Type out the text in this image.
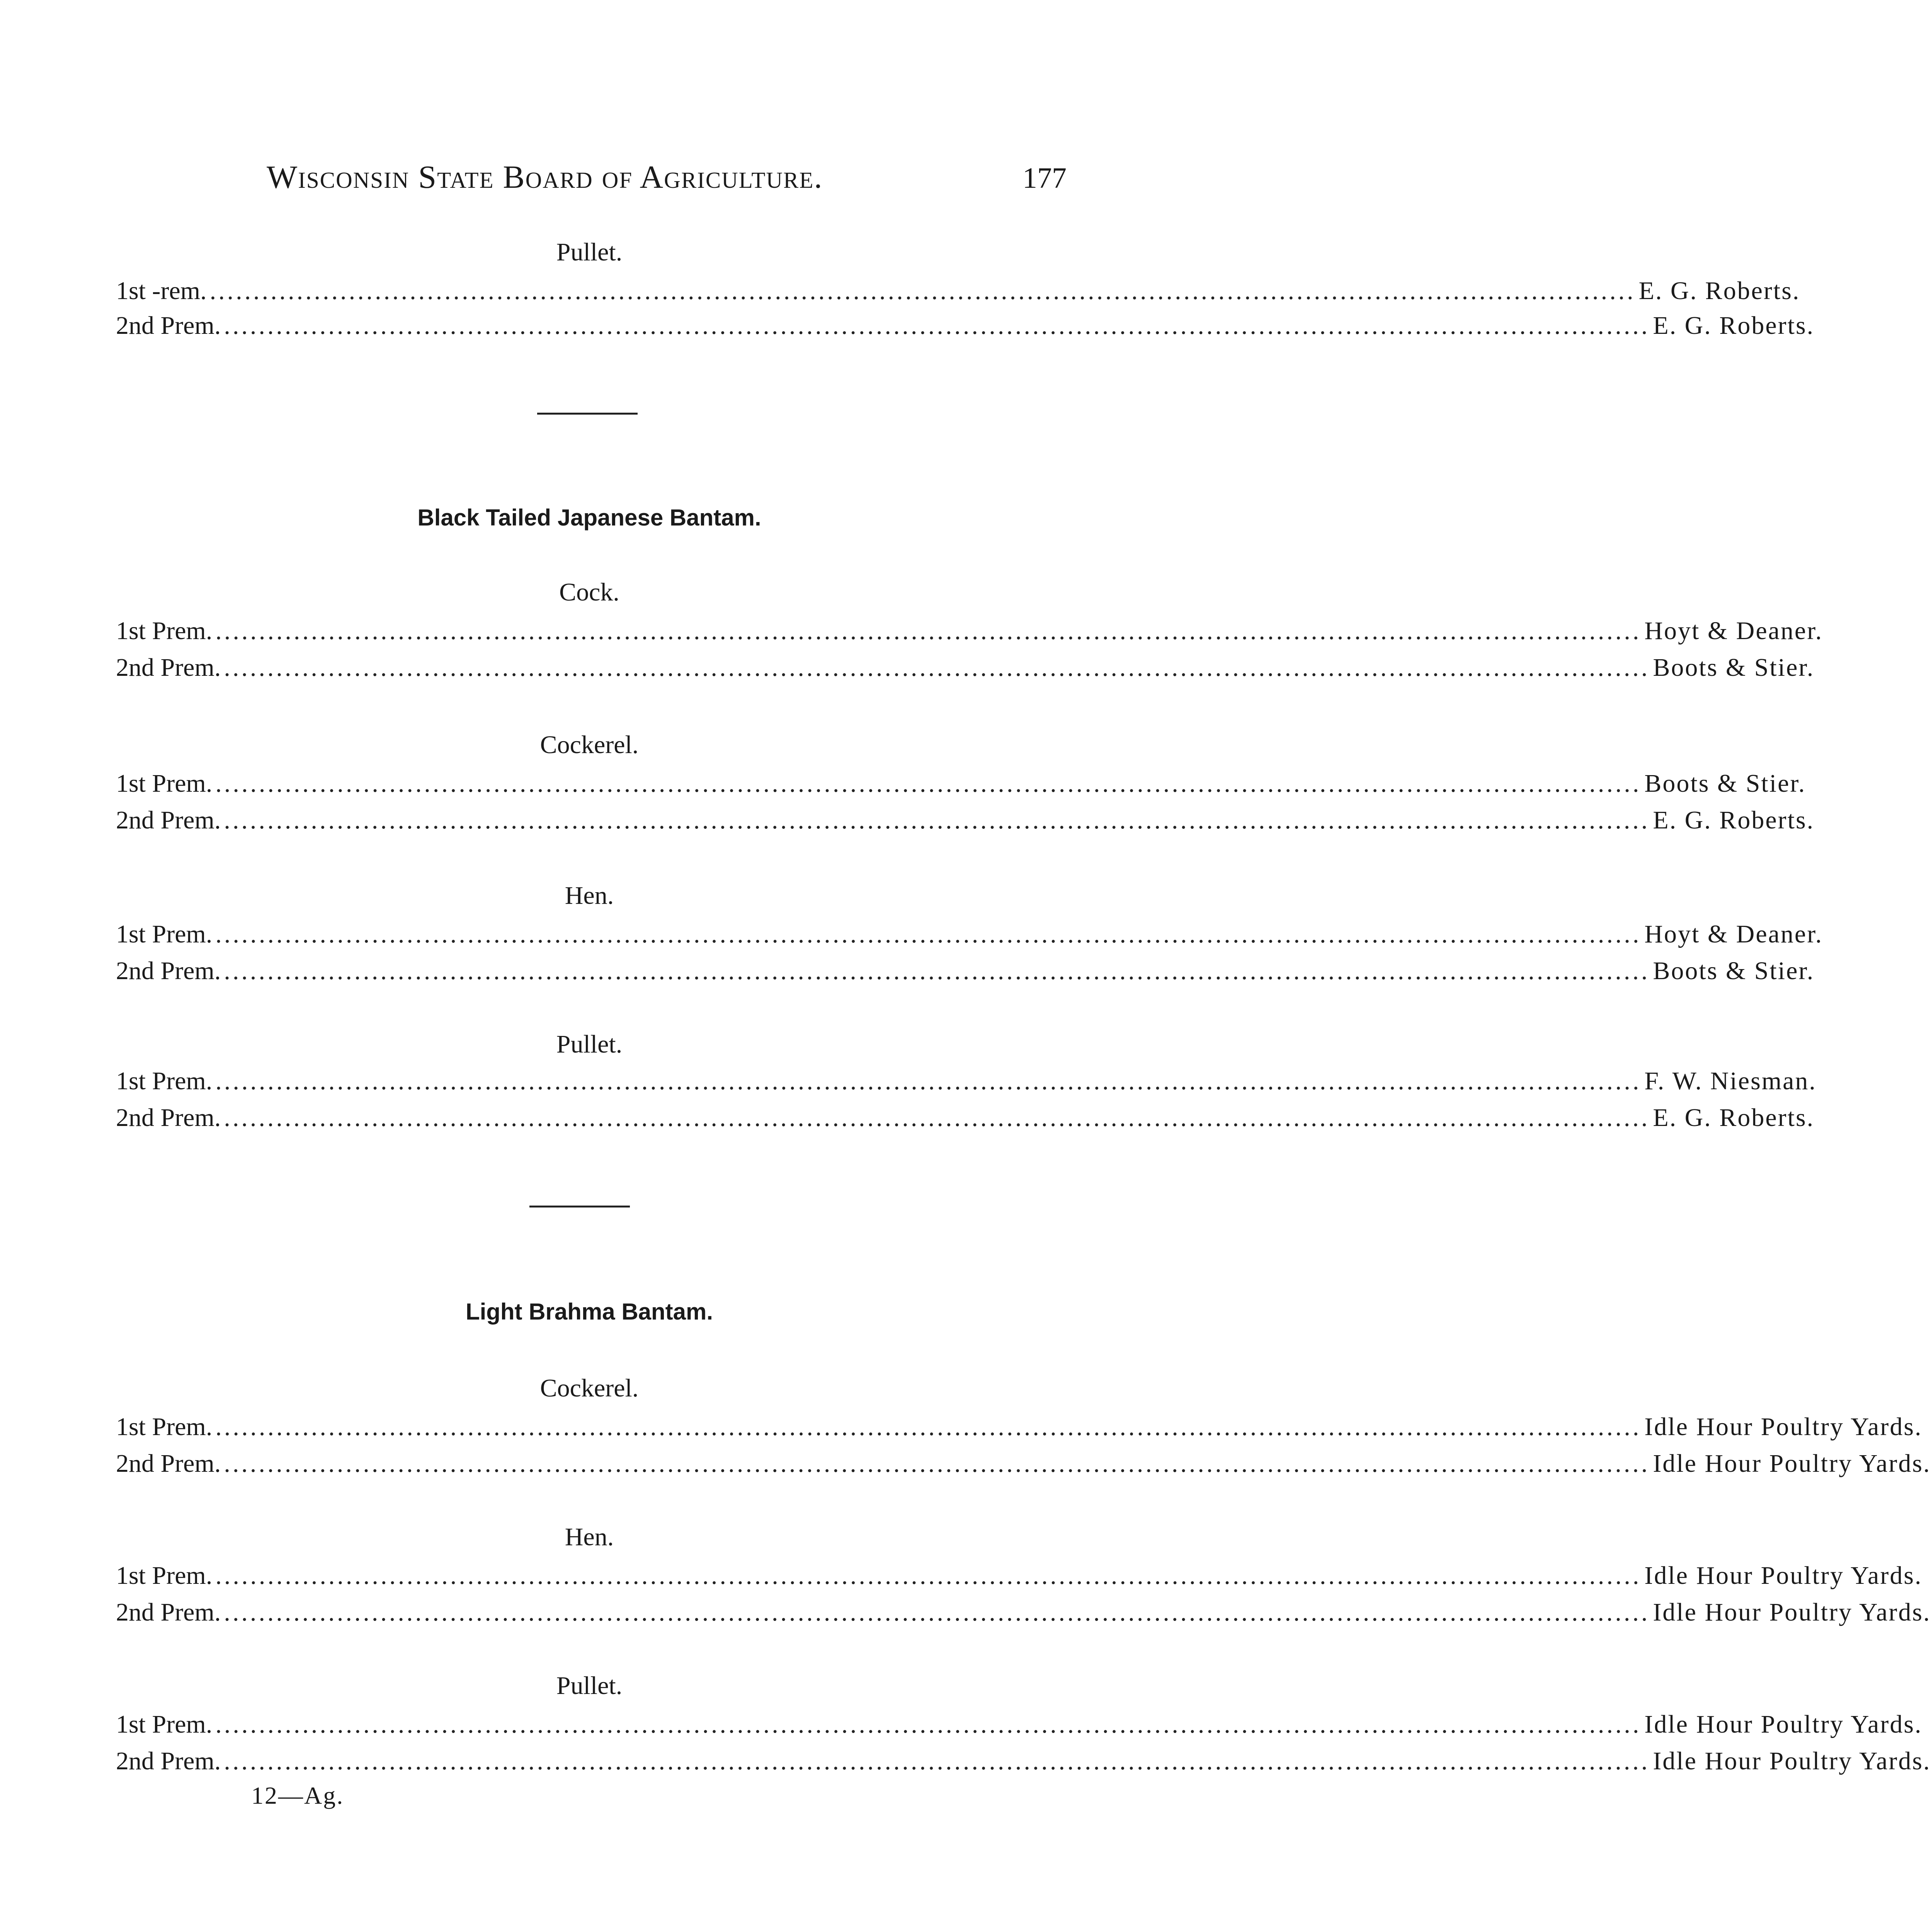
Wisconsin State Board of Agriculture.	177
Pullet.
1st -rem. .................................................................................................................................................................... E. G. Roberts.
2nd Prem. .................................................................................................................................................................... E. G. Roberts.
Black Tailed Japanese Bantam.
Cock.
1st Prem. .................................................................................................................................................................... Hoyt & Deaner.
2nd Prem. .................................................................................................................................................................... Boots & Stier.
Cockerel.
1st Prem. .................................................................................................................................................................... Boots & Stier.
2nd Prem. .................................................................................................................................................................... E. G. Roberts.
Hen.
1st Prem. .................................................................................................................................................................... Hoyt & Deaner.
2nd Prem. .................................................................................................................................................................... Boots & Stier.
Pullet.
1st Prem. .................................................................................................................................................................... F. W. Niesman.
2nd Prem. .................................................................................................................................................................... E. G. Roberts.
Light Brahma Bantam.
Cockerel.
1st Prem. .................................................................................................................................................................... Idle Hour Poultry Yards.
2nd Prem. .................................................................................................................................................................... Idle Hour Poultry Yards.
Hen.
1st Prem. .................................................................................................................................................................... Idle Hour Poultry Yards.
2nd Prem. .................................................................................................................................................................... Idle Hour Poultry Yards.
Pullet.
1st Prem. .................................................................................................................................................................... Idle Hour Poultry Yards.
2nd Prem. .................................................................................................................................................................... Idle Hour Poultry Yards.
12—Ag.
